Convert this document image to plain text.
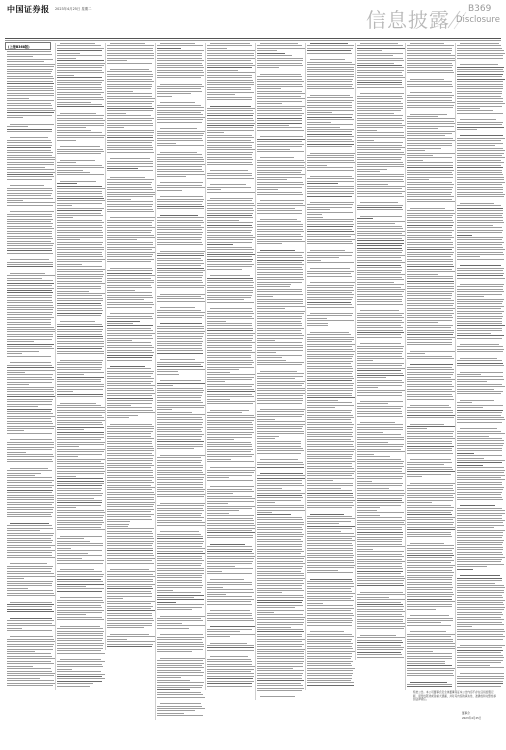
中国证券报 2023年4月25日 星期二	信息披露 B369
Disclosure
(上接B368版)
特此公告。本公司董事会及全体董事保证本公告内容不存在任何虚假记载、误导性陈述或者重大遗漏，并对其内容的真实性、准确性和完整性承担法律责任。
董事会
2023年4月25日
